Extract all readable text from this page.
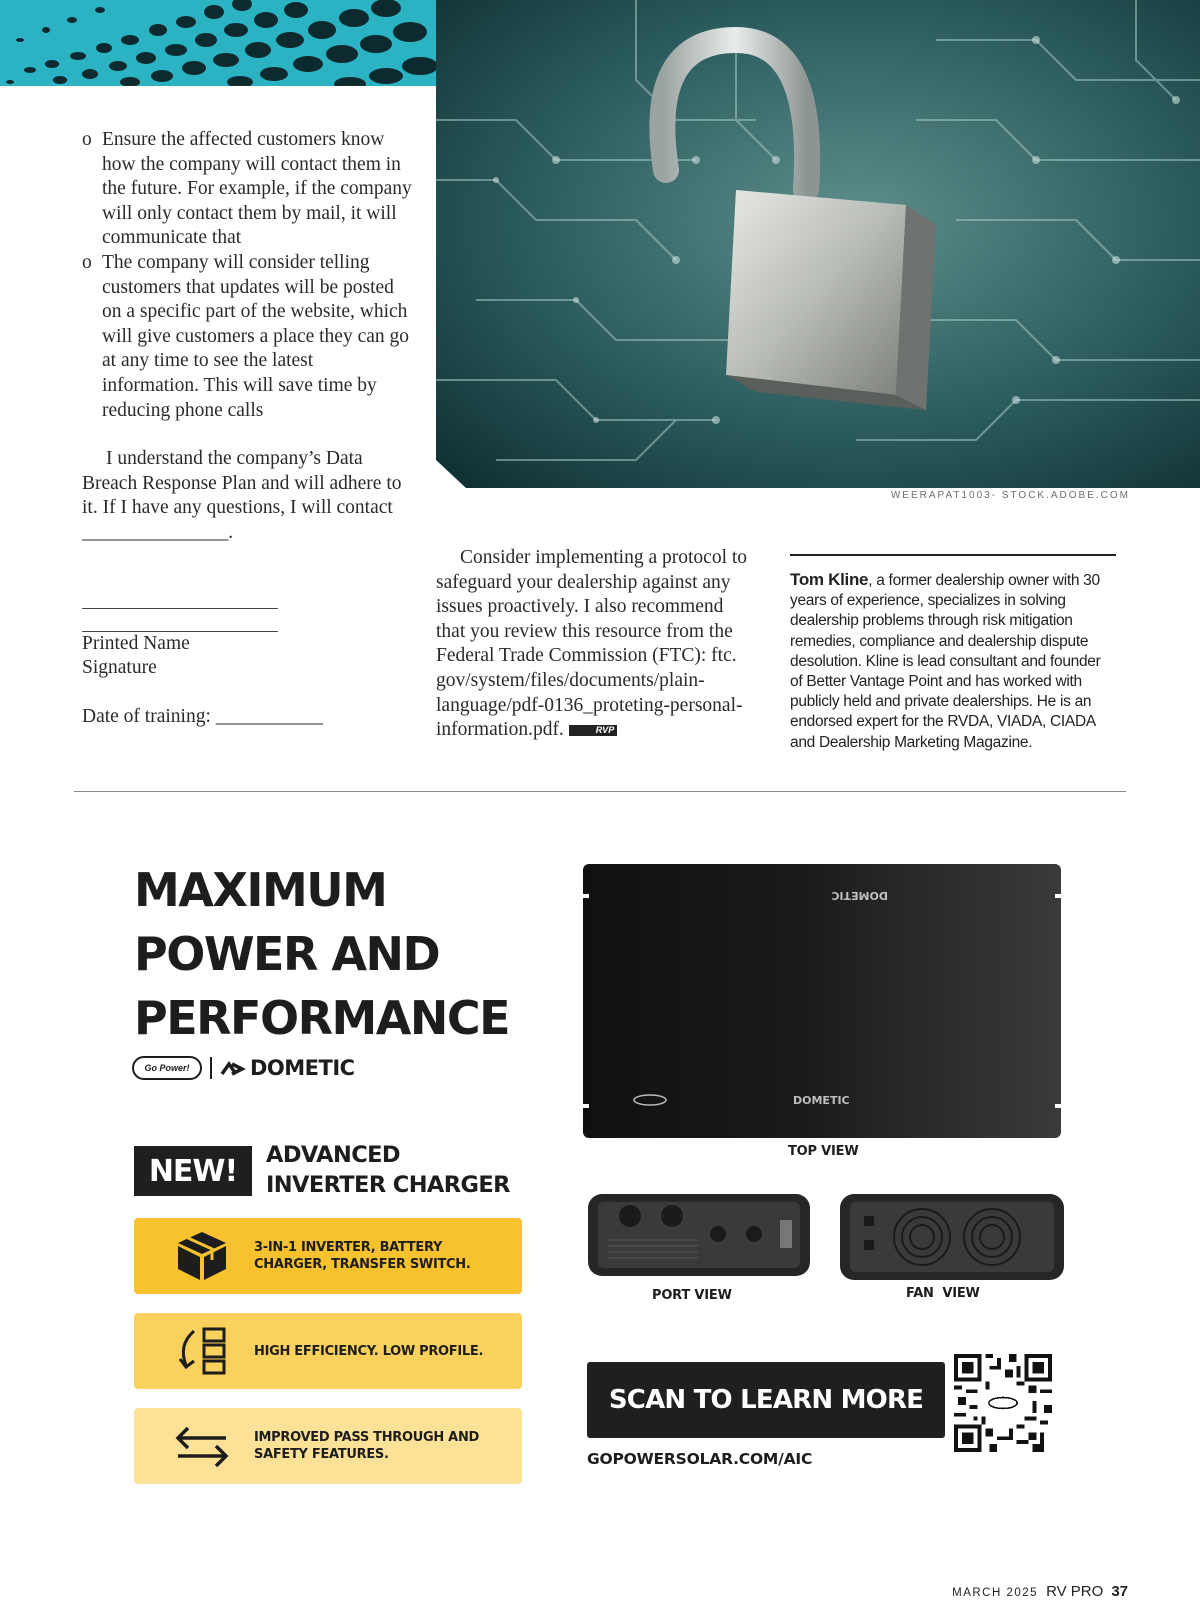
WEERAPAT1003- STOCK.ADOBE.COM
o Ensure the affected customers know how the company will contact them in the future. For example, if the company will only contact them by mail, it will communicate that
o The company will consider telling customers that updates will be posted on a specific part of the website, which will give customers a place they can go at any time to see the latest information. This will save time by reducing phone calls

I understand the company’s Data Breach Response Plan and will adhere to it. If I have any questions, I will contact
_______________.

Printed Name
Signature
Date of training: ___________

Consider implementing a protocol to safeguard your dealership against any issues proactively. I also recommend that you review this resource from the Federal Trade Commission (FTC): ftc. gov/system/files/documents/plain-language/pdf-0136_proteting-personal-information.pdf.	RVP

Tom Kline, a former dealership owner with 30 years of experience, specializes in solving dealership problems through risk mitigation remedies, compliance and dealership dispute desolution. Kline is lead consultant and founder of Better Vantage Point and has worked with publicly held and private dealerships. He is an endorsed expert for the RVDA, VIADA, CIADA and Dealership Marketing Magazine.
MAXIMUM
POWER AND
PERFORMANCE
Go Power!	DOMETIC
NEW!	ADVANCED
INVERTER CHARGER
3-IN-1 INVERTER, BATTERY
CHARGER, TRANSFER SWITCH.
HIGH EFFICIENCY. LOW PROFILE.
IMPROVED PASS THROUGH AND
SAFETY FEATURES.
DOMETIC
DOMETIC
TOP VIEW
PORT VIEW	FAN  VIEW
SCAN TO LEARN MORE
GOPOWERSOLAR.COM/AIC
MARCH 2025 RV PRO 37
